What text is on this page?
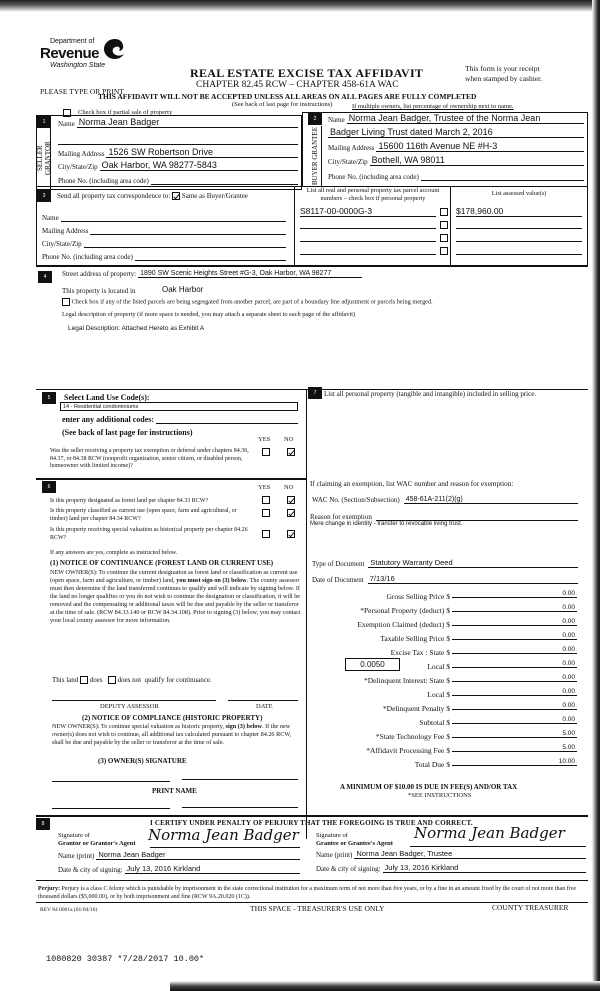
Department of
Revenue
Washington State
REAL ESTATE EXCISE TAX AFFIDAVIT
CHAPTER 82.45 RCW – CHAPTER 458-61A WAC
PLEASE TYPE OR PRINT
THIS AFFIDAVIT WILL NOT BE ACCEPTED UNLESS ALL AREAS ON ALL PAGES ARE FULLY COMPLETED
(See back of last page for instructions)
This form is your receipt
when stamped by cashier.
If multiple owners, list percentage of ownership next to name.
Check box if partial sale of property
1
SELLER GRANTOR
Name Norma Jean Badger
Mailing Address 1526 SW Robertson Drive
City/State/Zip Oak Harbor, WA 98277-5843
Phone No. (including area code)
2
BUYER GRANTEE
Name Norma Jean Badger, Trustee of the Norma Jean
Badger Living Trust dated March 2, 2016
Mailing Address 15600 116th Avenue NE #H-3
City/State/Zip Bothell, WA 98011
Phone No. (including area code)
3	Send all property tax correspondence to: Same as Buyer/Grantee
Name
Mailing Address
City/State/Zip
Phone No. (including area code)
List all real and personal property tax parcel account numbers – check box if personal property
List assessed value(s)
S8117-00-0000G-3	$178,960.00
4	Street address of property: 1890 SW Scenic Heights Street #G-3, Oak Harbor, WA 98277
This property is located in	Oak Harbor
Check box if any of the listed parcels are being segregated from another parcel, are part of a boundary line adjustment or parcels being merged.
Legal description of property (if more space is needed, you may attach a separate sheet to each page of the affidavit)
Legal Description: Attached Hereto as Exhibit A
5	Select Land Use Code(s):
14 - Residential condominiums
enter any additional codes:
(See back of last page for instructions)
YES NO
Was the seller receiving a property tax exemption or deferral under chapters 84.36, 84.37, or 84.38 RCW (nonprofit organization, senior citizen, or disabled person, homeowner with limited income)?
6	YES NO
Is this property designated as forest land per chapter 84.33 RCW?
Is this property classified as current use (open space, farm and agricultural, or timber) land per chapter 84.34 RCW?
Is this property receiving special valuation as historical property per chapter 84.26 RCW?
If any answers are yes, complete as instructed below.
(1) NOTICE OF CONTINUANCE (FOREST LAND OR CURRENT USE)
NEW OWNER(S): To continue the current designation as forest land or classification as current use (open space, farm and agriculture, or timber) land, you must sign on (3) below. The county assessor must then determine if the land transferred continues to qualify and will indicate by signing below. If the land no longer qualifies or you do not wish to continue the designation or classification, it will be removed and the compensating or additional taxes will be due and payable by the seller or transferor at the time of sale. (RCW 84.33.140 or RCW 84.34.108). Prior to signing (3) below, you may contact your local county assessor for more information.
This land does does not qualify for continuance.
DEPUTY ASSESSOR	DATE
(2) NOTICE OF COMPLIANCE (HISTORIC PROPERTY)
NEW OWNER(S): To continue special valuation as historic property, sign (3) below. If the new owner(s) does not wish to continue, all additional tax calculated pursuant to chapter 84.26 RCW, shall be due and payable by the seller or transferor at the time of sale.
(3) OWNER(S) SIGNATURE
PRINT NAME
7	List all personal property (tangible and intangible) included in selling price.
If claiming an exemption, list WAC number and reason for exemption:
WAC No. (Section/Subsection) 458-61A-211(2)(g)
Reason for exemption
Mere change in identity - transfer to revocable living trust.
Type of Document Statutory Warranty Deed
Date of Document 7/13/16
Gross Selling Price $	0.00
*Personal Property (deduct) $	0.00
Exemption Claimed (deduct) $	0.00
Taxable Selling Price $	0.00
Excise Tax : State $	0.00
0.0050	Local $	0.00
*Delinquent Interest: State $	0.00
Local $	0.00
*Delinquent Penalty $	0.00
Subtotal $	0.00
*State Technology Fee $	5.00
*Affidavit Processing Fee $	5.00
Total Due $	10.00
A MINIMUM OF $10.00 IS DUE IN FEE(S) AND/OR TAX
*SEE INSTRUCTIONS
8	I CERTIFY UNDER PENALTY OF PERJURY THAT THE FOREGOING IS TRUE AND CORRECT.
Signature of
Grantor or Grantor's Agent Norma Jean Badger
Name (print) Norma Jean Badger
Date & city of signing: July 13, 2016 Kirkland
Signature of
Grantee or Grantee's Agent
Norma Jean Badger
Name (print) Norma Jean Badger, Trustee
Date & city of signing: July 13, 2016 Kirkland
Perjury: Perjury is a class C felony which is punishable by imprisonment in the state correctional institution for a maximum term of not more than five years, or by a fine in an amount fixed by the court of not more than five thousand dollars ($5,000.00), or by both imprisonment and fine (RCW 9A.20.020 (1C)).
REV 84 0001a (01/04/16)	THIS SPACE - TREASURER'S USE ONLY	COUNTY TREASURER
1080820 30387 *7/28/2017 10.00*
